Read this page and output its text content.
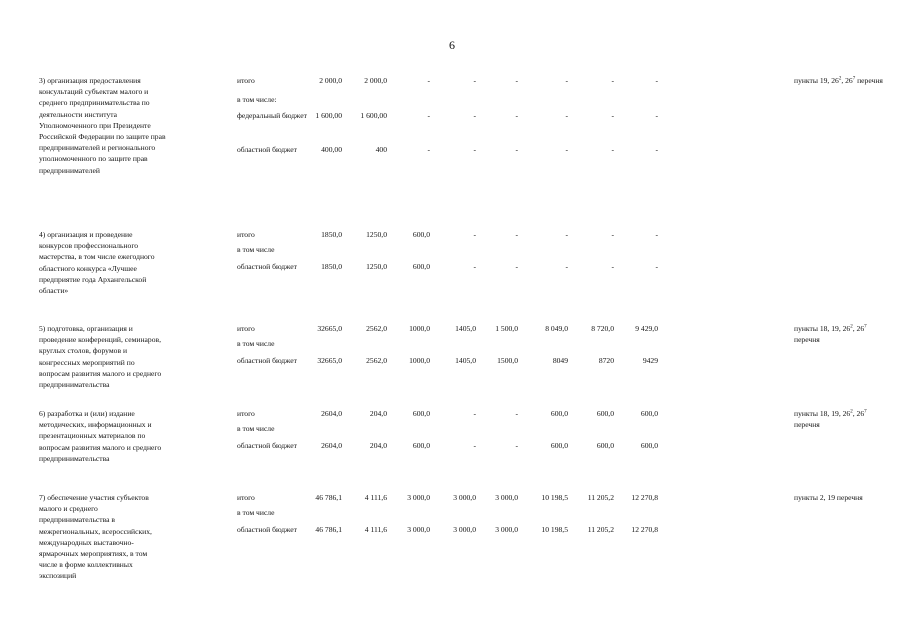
6
3) организация предоставления консультаций субъектам малого и среднего предпринимательства по деятельности института Уполномоченного при Президенте Российской Федерации по защите прав предпринимателей и регионального уполномоченного по защите прав предпринимателей
итого	2 000,0	2 000,0	-	-	-	-	-	-
в том числе:
федеральный бюджет	1 600,00	1 600,00	-	-	-	-	-	-
областной бюджет	400,00	400	-	-	-	-	-	-
пункты 19, $26^2$, $26^7$ перечня
4) организация и проведение конкурсов профессионального мастерства, в том числе ежегодного областного конкурса «Лучшее предприятие года Архангельской области»
итого	1850,0	1250,0	600,0	-	-	-	-	-
в том числе
областной бюджет	1850,0	1250,0	600,0	-	-	-	-	-
5) подготовка, организация и проведение конференций, семинаров, круглых столов, форумов и конгрессных мероприятий по вопросам развития малого и среднего предпринимательства
итого	32665,0	2562,0	1000,0	1405,0	1 500,0	8 049,0	8 720,0	9 429,0
в том числе
областной бюджет	32665,0	2562,0	1000,0	1405,0	1500,0	8049	8720	9429
пункты 18, 19, $26^2$, $26^7$ перечня
6) разработка и (или) издание методических, информационных и презентационных материалов по вопросам развития малого и среднего предпринимательства
итого	2604,0	204,0	600,0	-	-	600,0	600,0	600,0
в том числе
областной бюджет	2604,0	204,0	600,0	-	-	600,0	600,0	600,0
пункты 18, 19, $26^2$, $26^7$ перечня
7) обеспечение участия субъектов малого и среднего предпринимательства в межрегиональных, всероссийских, международных выставочно-ярмарочных мероприятиях, в том числе в форме коллективных экспозиций
итого	46 786,1	4 111,6	3 000,0	3 000,0	3 000,0	10 198,5	11 205,2	12 270,8
в том числе
областной бюджет	46 786,1	4 111,6	3 000,0	3 000,0	3 000,0	10 198,5	11 205,2	12 270,8
пункты 2, 19 перечня
